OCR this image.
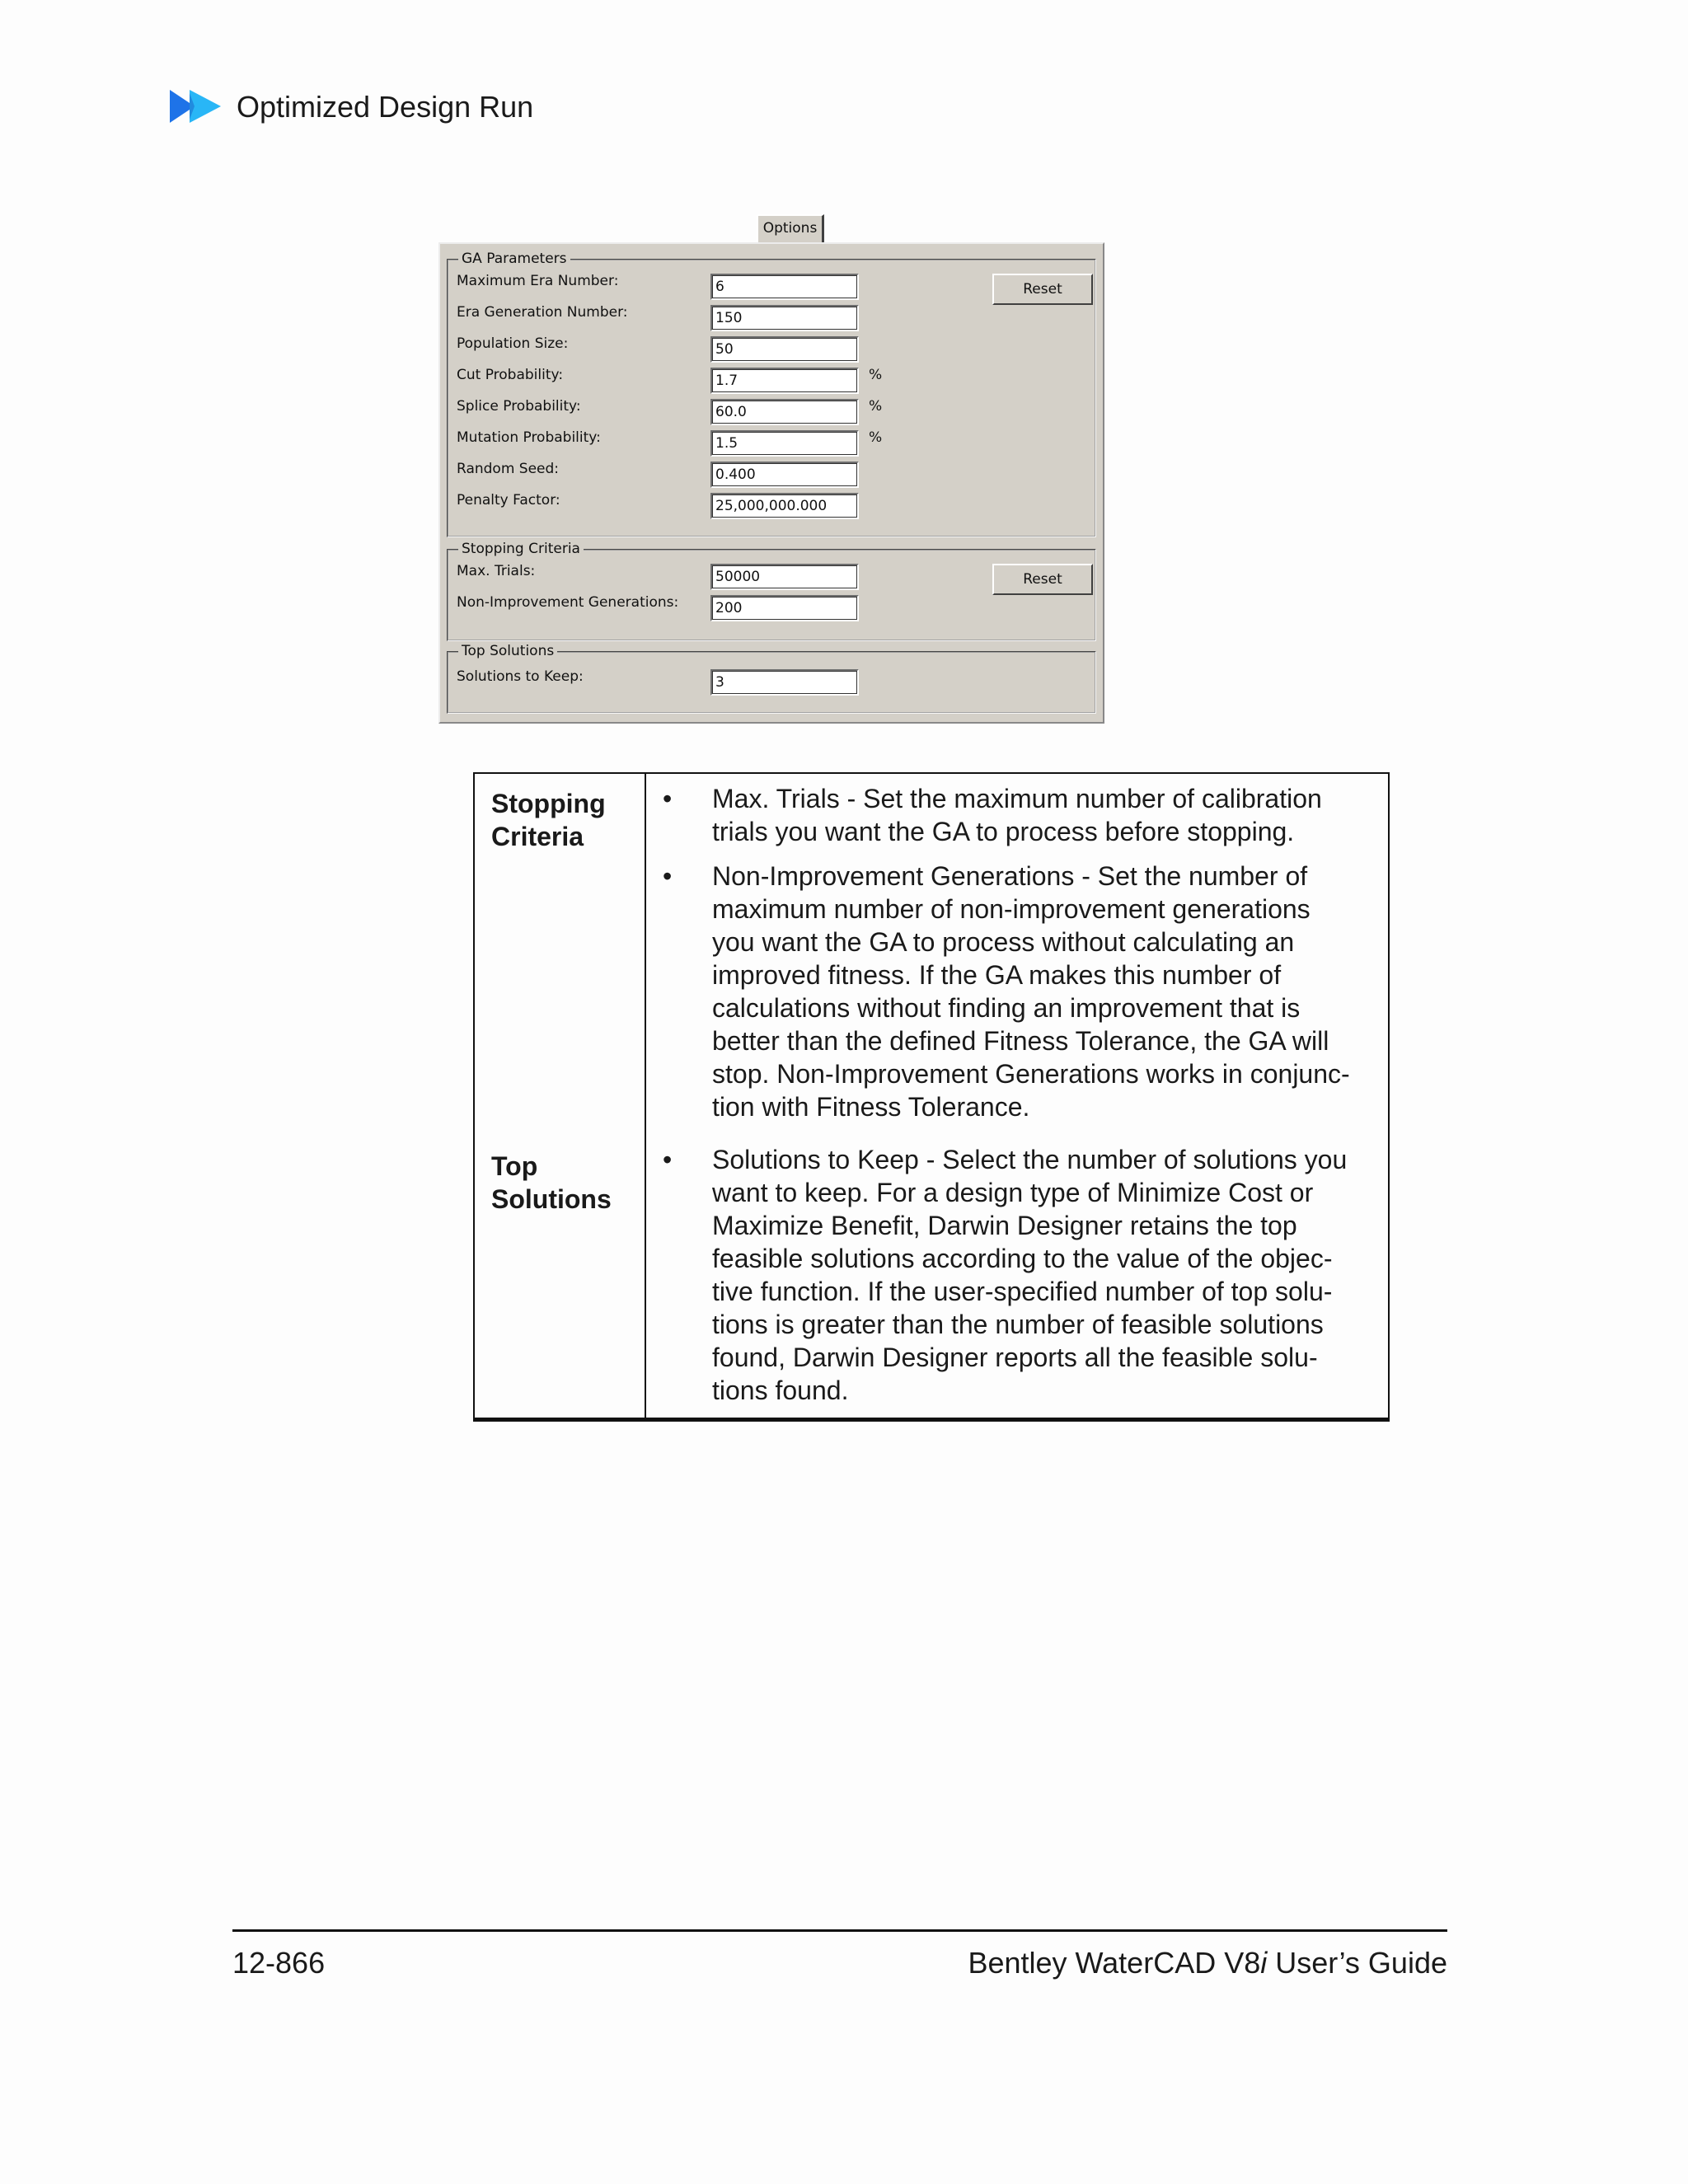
Optimized Design Run
Options
GA Parameters
Reset
Maximum Era Number:
6
Era Generation Number:
150
Population Size:
50
Cut Probability:
1.7	%
Splice Probability:
60.0	%
Mutation Probability:
1.5	%
Random Seed:
0.400
Penalty Factor:
25,000,000.000
Stopping Criteria
Reset
Max. Trials:
50000
Non-Improvement Generations:
200
Top Solutions
Solutions to Keep:
3
Stopping
Criteria
• Max. Trials - Set the maximum number of calibration
trials you want the GA to process before stopping.
• Non-Improvement Generations - Set the number of
maximum number of non-improvement generations
you want the GA to process without calculating an
improved fitness. If the GA makes this number of
calculations without finding an improvement that is
better than the defined Fitness Tolerance, the GA will
stop. Non-Improvement Generations works in conjunc-
tion with Fitness Tolerance.
Top
Solutions
• Solutions to Keep - Select the number of solutions you
want to keep. For a design type of Minimize Cost or
Maximize Benefit, Darwin Designer retains the top
feasible solutions according to the value of the objec-
tive function. If the user-specified number of top solu-
tions is greater than the number of feasible solutions
found, Darwin Designer reports all the feasible solu-
tions found.
12-866	Bentley WaterCAD V8i User’s Guide
